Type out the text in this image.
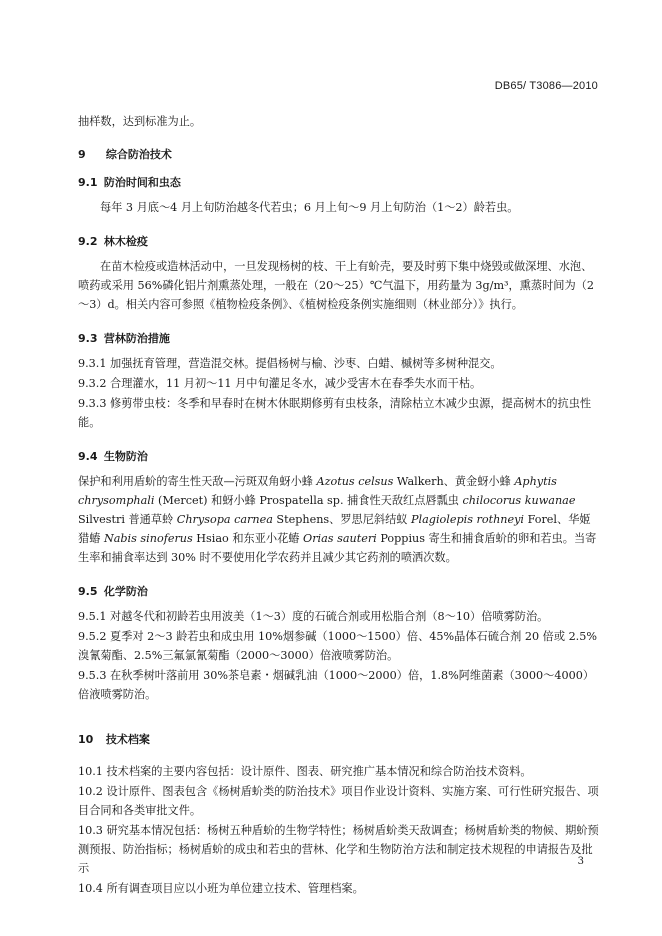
DB65/ T3086—2010

抽样数，达到标准为止。

9 综合防治技术
9.1 防治时间和虫态

每年 3 月底～4 月上旬防治越冬代若虫；6 月上旬～9 月上旬防治（1～2）龄若虫。

9.2 林木检疫

在苗木检疫或造林活动中，一旦发现杨树的枝、干上有蚧壳，要及时剪下集中烧毁或做深埋、水泡、喷药或采用 56%磷化铝片剂熏蒸处理，一般在（20～25）℃气温下，用药量为 3g/m³，熏蒸时间为（2～3）d。相关内容可参照《植物检疫条例》、《植树检疫条例实施细则（林业部分）》执行。

9.3 营林防治措施

9.3.1 加强抚育管理，营造混交林。提倡杨树与榆、沙枣、白蜡、槭树等多树种混交。

9.3.2 合理灌水，11 月初～11 月中旬灌足冬水，减少受害木在春季失水而干枯。

9.3.3 修剪带虫枝：冬季和早春时在树木休眠期修剪有虫枝条，清除枯立木减少虫源，提高树木的抗虫性能。

9.4 生物防治

保护和利用盾蚧的寄生性天敌—污斑双角蚜小蜂 Azotus celsus Walkerh、黄金蚜小蜂 Aphytis chrysomphali (Mercet) 和蚜小蜂 Prospatella sp. 捕食性天敌红点唇瓢虫 chilocorus kuwanae Silvestri 普通草蛉 Chrysopa carnea Stephens、罗思尼斜结蚁 Plagiolepis rothneyi Forel、华姬猎蝽 Nabis sinoferus Hsiao 和东亚小花蝽 Orias sauteri Poppius 寄生和捕食盾蚧的卵和若虫。当寄生率和捕食率达到 30% 时不要使用化学农药并且减少其它药剂的喷洒次数。

9.5 化学防治

9.5.1 对越冬代和初龄若虫用波美（1～3）度的石硫合剂或用松脂合剂（8～10）倍喷雾防治。

9.5.2 夏季对 2～3 龄若虫和成虫用 10%烟参碱（1000～1500）倍、45%晶体石硫合剂 20 倍或 2.5%溴氰菊酯、2.5%三氟氯氰菊酯（2000～3000）倍液喷雾防治。

9.5.3 在秋季树叶落前用 30%茶皂素・烟碱乳油（1000～2000）倍，1.8%阿维菌素（3000～4000）倍液喷雾防治。

10 技术档案

10.1 技术档案的主要内容包括：设计原件、图表、研究推广基本情况和综合防治技术资料。

10.2 设计原件、图表包含《杨树盾蚧类的防治技术》项目作业设计资料、实施方案、可行性研究报告、项目合同和各类审批文件。

10.3 研究基本情况包括：杨树五种盾蚧的生物学特性；杨树盾蚧类天敌调查；杨树盾蚧类的物候、期蚧预测预报、防治指标；杨树盾蚧的成虫和若虫的营林、化学和生物防治方法和制定技术规程的申请报告及批示

10.4 所有调查项目应以小班为单位建立技术、管理档案。

3
